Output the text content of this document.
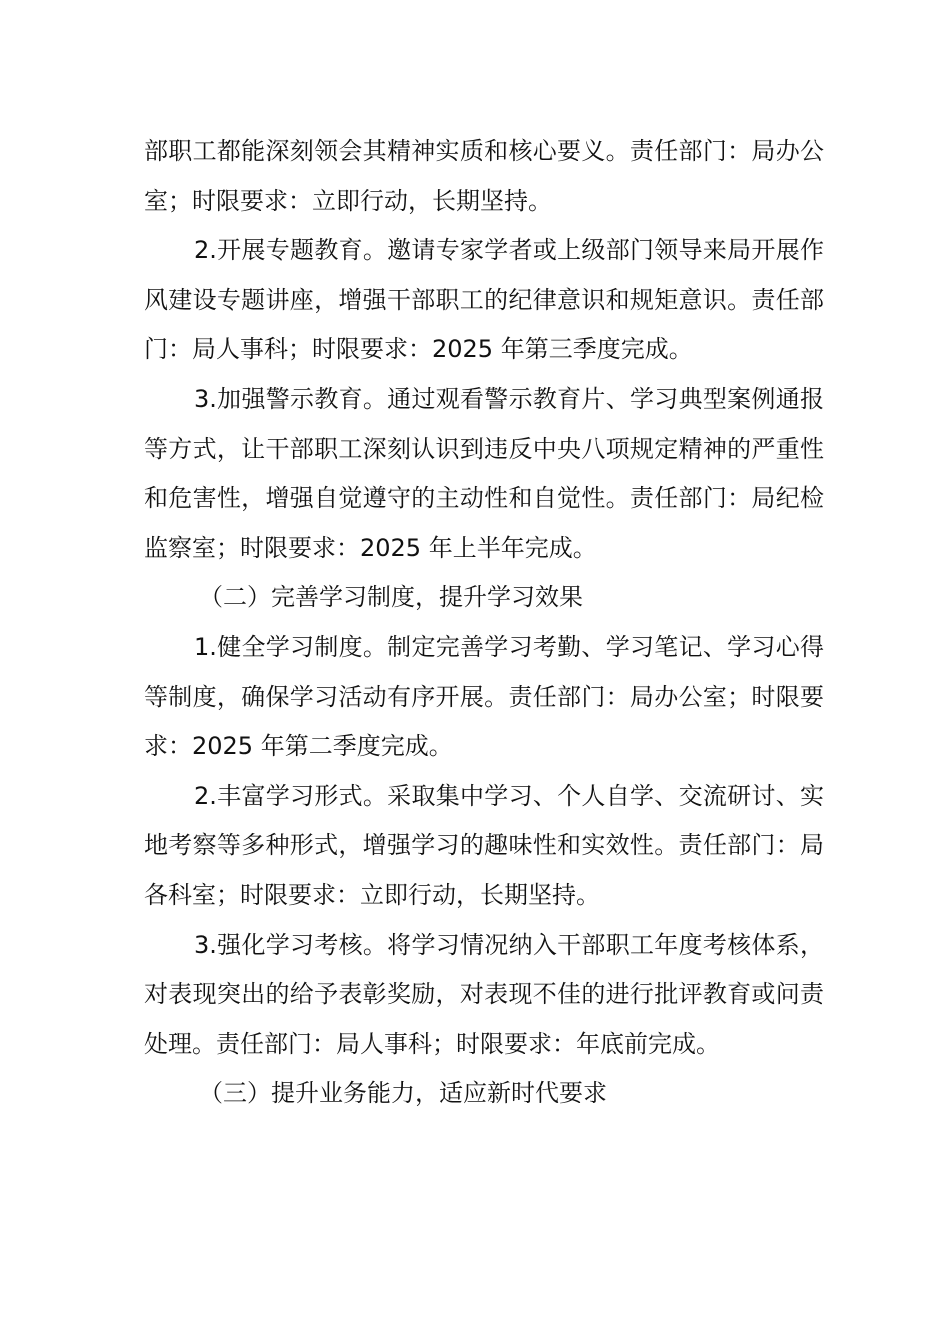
部职工都能深刻领会其精神实质和核心要义。责任部门：局办公室；时限要求：立即行动，长期坚持。

2.开展专题教育。邀请专家学者或上级部门领导来局开展作风建设专题讲座，增强干部职工的纪律意识和规矩意识。责任部门：局人事科；时限要求：2025 年第三季度完成。

3.加强警示教育。通过观看警示教育片、学习典型案例通报等方式，让干部职工深刻认识到违反中央八项规定精神的严重性和危害性，增强自觉遵守的主动性和自觉性。责任部门：局纪检监察室；时限要求：2025 年上半年完成。

（二）完善学习制度，提升学习效果

1.健全学习制度。制定完善学习考勤、学习笔记、学习心得等制度，确保学习活动有序开展。责任部门：局办公室；时限要求：2025 年第二季度完成。

2.丰富学习形式。采取集中学习、个人自学、交流研讨、实地考察等多种形式，增强学习的趣味性和实效性。责任部门：局各科室；时限要求：立即行动，长期坚持。

3.强化学习考核。将学习情况纳入干部职工年度考核体系，对表现突出的给予表彰奖励，对表现不佳的进行批评教育或问责处理。责任部门：局人事科；时限要求：年底前完成。

（三）提升业务能力，适应新时代要求
